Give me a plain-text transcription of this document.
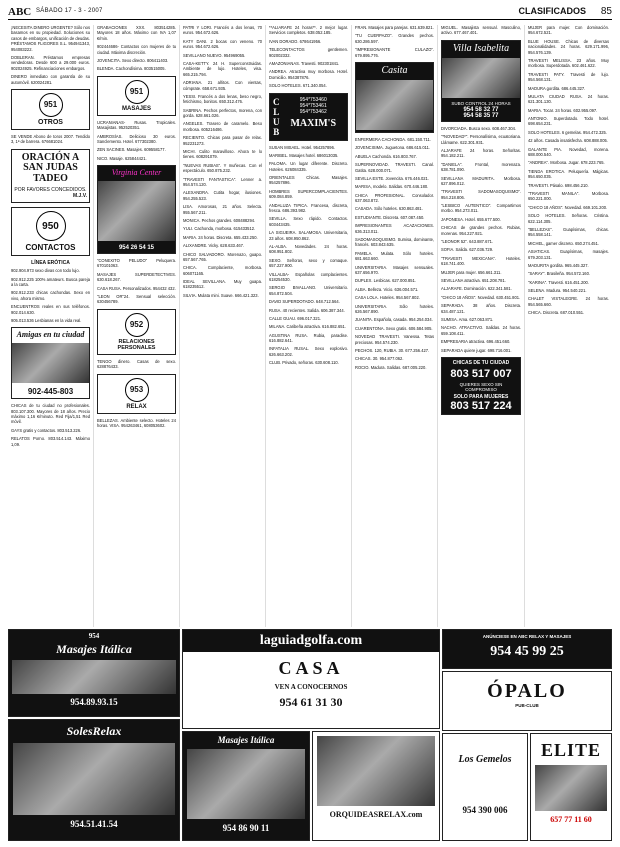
ABC SÁBADO 17 - 3 - 2007	CLASIFICADOS 85
¡NECESITA DINERO URGENTE? Sólo nos basamos en su propiedad. Soluciones su casos de embargos, unificación de deudas. PRÉSTAMOS FLIGORES S.L. 954941343, 954083222.
DOBLERAN. Préstamos empresas vendedoras. Desde 600 a 29.000 euros. 902024925. Refinanciaciones embargos.
DINERO inmediato con garantía de su automóvil. 620024281.
951
OTROS
SE VENDE Abono de toros 2007. Tendido 3, 1ª de barrera. 676681024.
ORACIÓN A SAN JUDAS TADEO
POR FAVORES CONCEDIDOS.
M.J.V.
950
CONTACTOS
LÍNEA ERÓTICA
902.904.973 sexo divas con todo lujo.
902.912.225 100% amateurs. Busca pareja a la carta.
902.912.233 chicas cachondas. Sexo en vivo, ahora mismo.
ENCUENTROS reales en sus teléfonos. 902.014.630.
905.013.536 Lesbianas en la vida real.
Amigas en tu ciudad
902-445-803
CHICAS de tu ciudad no profesionales. 803.107.300. Mayores de 18 años. Precio máximo 1,16 €/minuto. Red Fija/1,51 Red móvil.
GAYS gratis y contactos. 803.513.226.
RELATOS Porno. 803.514.143. Máximo 1,09.
GRABACIONES XXX. 803514285. Mayores 18 años. Máximo con IVA 1,07 €/min.
902444686- Contactos con mujeres de tu ciudad. Máxima discreción.
JOVENCITA. Sexo directo. 806411403.
BLENDA. Cachondísima. 803515005.
951
MASAJES
UCRANIANAS- Rusas. Tropicales. Masajistas. 952520351.
AMBROSÍAS. Delicioso 30 euros. Sanclemento. Hotel. 677302380.
ZEN SACINES. Masajes. 609558177.
NICO. Masaje. 625844421.
Virginia Center
954 26 54 15
"CONEXITO PELUDO" Peluquera. 670101063.
MASAJES SUPERDETECTIVES. 630.618.267.
CASA RUSA. Personalizados. 954432 432.
"LEON OR"24. Sensual selección. 630456789.
952
RELACIONES PERSONALES
TENGO dinero. Casas de sexo. 628876433.
953
RELAX
BELLEZAS. Ambiente selecto. Hoteles 24 horas. VISA. 954263461, 608053602.
PATRI Y LORI. Francés a dos lenas, 70 euros. 954.672.626.
KATY DANI. 2 bocas con veneno. 70 euros. 954.672.626.
SEVILLANO NUEVO. 954969055.
CASA-KETTY. 24 H. Superconstruidas. Ambiente de lujo. Hoteles, visa. 665.215.794.
ADRIANA. 21 añitos. Con vientas, cómprate. 658.671.935.
YESSI. Francés a dos lenas, beso negro, fetichismo, bonitos. 650.312.476.
SABRINA. Pechos perfectos, morena, con gorda. 628.661.026.
ANGELES. Trasero de caramelo. Beso morbosa. 605216486.
RECIENTO. Chicas para pasar de relax. 952231273.
MICHI. Culito maravilloso. Ahora te lo tienes. 608291079.
"NUEVAS RUBIAS". Y muñecas. Con el espectáculo. 650.875.232.
"TRAVESTI FANTASTICA". Lenner a. 954.574.120.
ALEXANDRA. Cutita hogar, ilusiones. 954.255.523.
LISA. Amorosas, 21 años. Selecta. 955.567.211.
MONICA. Pechos grandes. 608488294.
YULI. Cachonda, morbosa. 615433512.
MARIA. 24 horas. Discreta. 655.433.250.
ALIXANDRE. Vicky. 628.633.467.
CHICO SALVADORO. Morenazo, guapo. 657.567.765.
CHICA. Complaciente, morbosa. 606071165.
IDEAL SEVILLANA. Muy guapa. 618235512.
SILVIA. Mulata mini. Suave. 666.421.323.
**ALIARAFE 24 horas**. 2 mejor lugar. Servicios completos. 638.052.185.
IVAN DORADO. 678641956.
TELECONTACTOS gentlemen. 902002332.
AMAZONIANAS. Travesti. 902301841.
ANDREA. Atractiva muy morbosa. Hotel. Domicilio. 954387876.
SOLO HOTELES. 671.340.054.
C
L
U
B
954*753460
954*753461
954*753462
MAXIM'S
SUSAN MISAEL. Hotel. 954257896.
MARIBEL. Masajes hotel. 686013035.
PALOMA. Un lugar diferente. Discreto. Hoteles. 626084335.
ORIENTALES Chicas. Masajes. 954257896.
HOMBRES SUPERCOMPLACIENTES. 609.084.859.
ANDALUZA TIPICA. Francesa, discreta, fresca. 686.393.982.
SEVILLA. Sexo rápido. Contactos. 603443435.
LA SIGUEIRA. SALAMOSA. Universitaria, 23 años. 608.950.862.
AL-ALBA. Novedades. 24 horas. 608.951.802.
SEXO. Señoras, sexo y comaque. 657.227.900.
VILLALBA- Españolas complacientes. 618254530.
SERGIO BIVALLANO. Universitario. 654.872.504.
DAVID SUPERDOTADO. 648.712.564.
RUSA. 40 recientes. Salida. 606.387.344.
CALLE GUAU. 696.017.321.
MILANA. Caribeña atractiva. 616.882.651.
AGUSTINA RUSA. Rubia, paradise. 616.882.641.
INFATALIA RUSAL. Sexo explosivo. 626.663.202.
CLUB. Privado, señoras. 630.608.110.
FRAN. Masajes para parejas. 631.639.821.
"TU CUERPAZO". Grandes pechos. 630.286.597.
"IMPRESIONANTE CULAZO". 679.895.776.
Casita
ENFERMERA CACHONDA. 681.150.711.
JOVENCISIMA. Juguetona. 686.615.011.
ABUELA Cachonda. 616.803.767.
SUPERNOVIDAD. TRAVESTI. Canal. Gatita. 628.000.071.
SEVILLA ESTE. Jovencita. 676.446.021.
MARISA, modelo. Salidas. 670.446.180.
CHICA PROFESIONAL. Consolador. 637.063.872.
CASADA. Sólo hoteles. 630.863.481.
ESTUDIANTE. Discreta. 607.087.450.
IMPRESIONANTES ACAZACIONES. 636.313.011.
SADOMASOQUISMO. Sumisa, dominante, francés. 603.843.635.
PAMELA. Mulata. Sólo hoteles. 681.663.660.
UNIVERSITARIA. Masajes sensuales. 637.656.970.
DUPLEX. Lesbicas. 627.000.851.
ALBA. Belleza. Vicio. 636.004.571.
CASA LOLA. Hoteles. 954.567.802.
UNIVERSITARIA. Sólo hoteles. 626.567.890.
JUANITA. Española, casada. 954.254.034.
CUARENTONA. Sexo gratis. 606.584.905.
NOVEDAD TRAVESTI. Vanessa. Tetas preciosas. 954.574.230.
PECHOS. 120, RUBIA. 30. 677.256.427.
CHICAS. 30. 954.877.062.
ROCIO. Madura. Salidas. 687.005.220.
MIGUEL. Masajista sensual. Masculino, activo. 677.467.401.
Villa Isabelita
SUBO CONTROL 24 HORAS
954 58 32 77
954 58 35 77
DIVORCIADA. Busca sexo. 608.467.304.
"*NOVEDAD*". Personalísima, ecuatoriana. Llámame. 622.301.931.
ALJARAFE 24 horas. Señoritas. 954.182.211.
"DANIELA". Frontal, morenaza. 638.781.090.
SEVILLANA MADURITA. Morbosa. 627.896.012.
"TRAVESTI SADOMASOQUISMO". 954.218.806.
"LESBICO AUTENTICO". Compartimos morbo. 954.273.011.
JAPONESA. Hotel. 655.677.500.
CHICAS de grandes pechos. Rubias, morenas. 954.227.921.
"LEONOR 52". 643.887.671.
SOFIA. Salida. 627.036.729.
"TRAVESTI MEXICANA". Hoteles. 618.741.400.
MUJER para mujer. 656.661.311.
SEVILLANA atractiva. 651.208.781.
ALJARAFE. Dominación. 622.341.581.
"CHICO 18 AÑOS". Novedad. 630.451.801.
SEPARADA. 38 años. Discreta. 634.487.121.
SUMISA. Ama. 627.063.871.
NACHO. ATRACTIVO. Salidas. 24 horas. 659.108.411.
EMPRESARIA atractiva. 696.451.660.
SEPARADA quiere jugar. 698.716.001.
CHICAS DE TU CIUDAD
803 517 007
QUIERES SEXO SIN COMPROMISO
SOLO PARA MUJERES
803 517 224
MUJER para mujer. Con dominación. 954.672.521.
BLUE HOUSE. Chicas de diversas nacionalidades. 24 horas. 629.171.996, 954.576.139.
TRAVESTI MELISSA. 23 años. Muy morbosa. Superdotada. 602.461.622.
TRAVESTI PATY. Travesti de lujo. 954.568.131.
MADURA gordita. 686.445.327.
MULATA CIUDAD RUSA. 24 horas. 621.301.130.
MARIA. Tocar. 24 horas. 602.955.097.
ANTONIO. Superdotado. Todo hotel. 698.654.231.
SOLO HOTELES. 6 gemelas. 954.472.325.
42 años. Casada insatisfecha. 608.888.005.
GALANTE PIA. Novedad, morena. 688.000.540.
"ANDREA". Morbosa. Jugar. 678.223.765.
TIENDA EROTICA. Peluquería. Mágicas. 954.650.035.
TRAVESTI. Pásalo. 698.456.210.
"TRAVESTI MANILA". Morbosa. 650.221.000.
"CHICO 18 AÑOS". Novedad. 669.101.200.
SOLO HOTELES. Señoras. Cristina. 622.114.305.
"BELLEZAS". Guapísimas, chicas. 954.558.141.
MICHEL, gamer discreto. 650.274.451.
ASIATICAS. Guapísimas, masajes. 679.203.131.
MADURITA gordita. 965.445.327.
"SARAY". Brasileña. 954.572.160.
"KARINA". Travesti. 616.451.200.
SELENA. Madura. 954.540.221.
CHALET VISTALEGRE. 24 horas. 954.565.660.
CHICA. Discreta. 687.010.551.
954
Masajes Itálica
954.89.93.15
laguiadgolfa.com
CASA
VEN A CONOCERNOS
954 61 31 30
ANÚNCIESE EN ABC RELAX Y MASAJES
954 45 99 25
ÓPALO
PUB-CLUB
SolesRelax
954.51.41.54
Masajes Itálica
954 86 90 11
ORQUIDEASRELAX.com
Los Gemelos
954 390 006
ELITE
657 77 11 60
